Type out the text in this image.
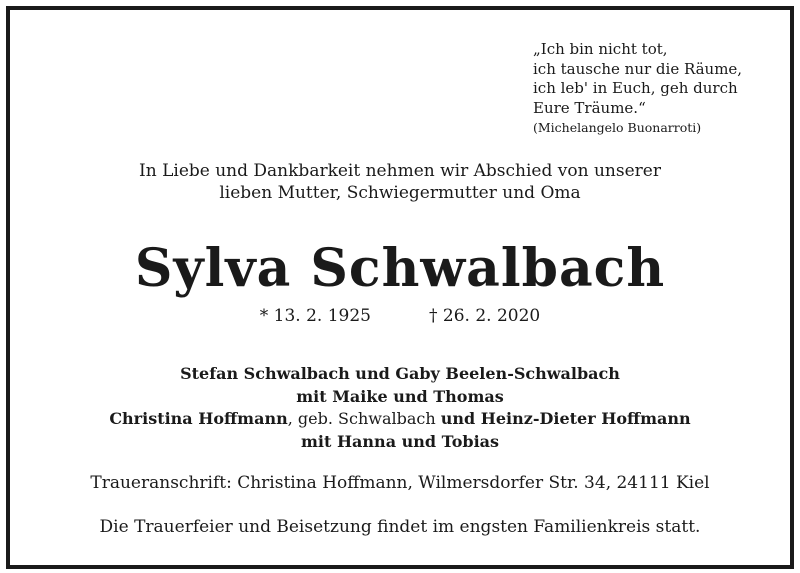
„Ich bin nicht tot,
ich tausche nur die Räume,
ich leb' in Euch, geh durch
Eure Träume.“
(Michelangelo Buonarroti)
In Liebe und Dankbarkeit nehmen wir Abschied von unserer
lieben Mutter, Schwiegermutter und Oma
Sylva Schwalbach
* 13. 2. 1925	† 26. 2. 2020
Stefan Schwalbach und Gaby Beelen-Schwalbach
mit Maike und Thomas
Christina Hoffmann, geb. Schwalbach und Heinz-Dieter Hoffmann
mit Hanna und Tobias
Traueranschrift: Christina Hoffmann, Wilmersdorfer Str. 34, 24111 Kiel
Die Trauerfeier und Beisetzung findet im engsten Familienkreis statt.
